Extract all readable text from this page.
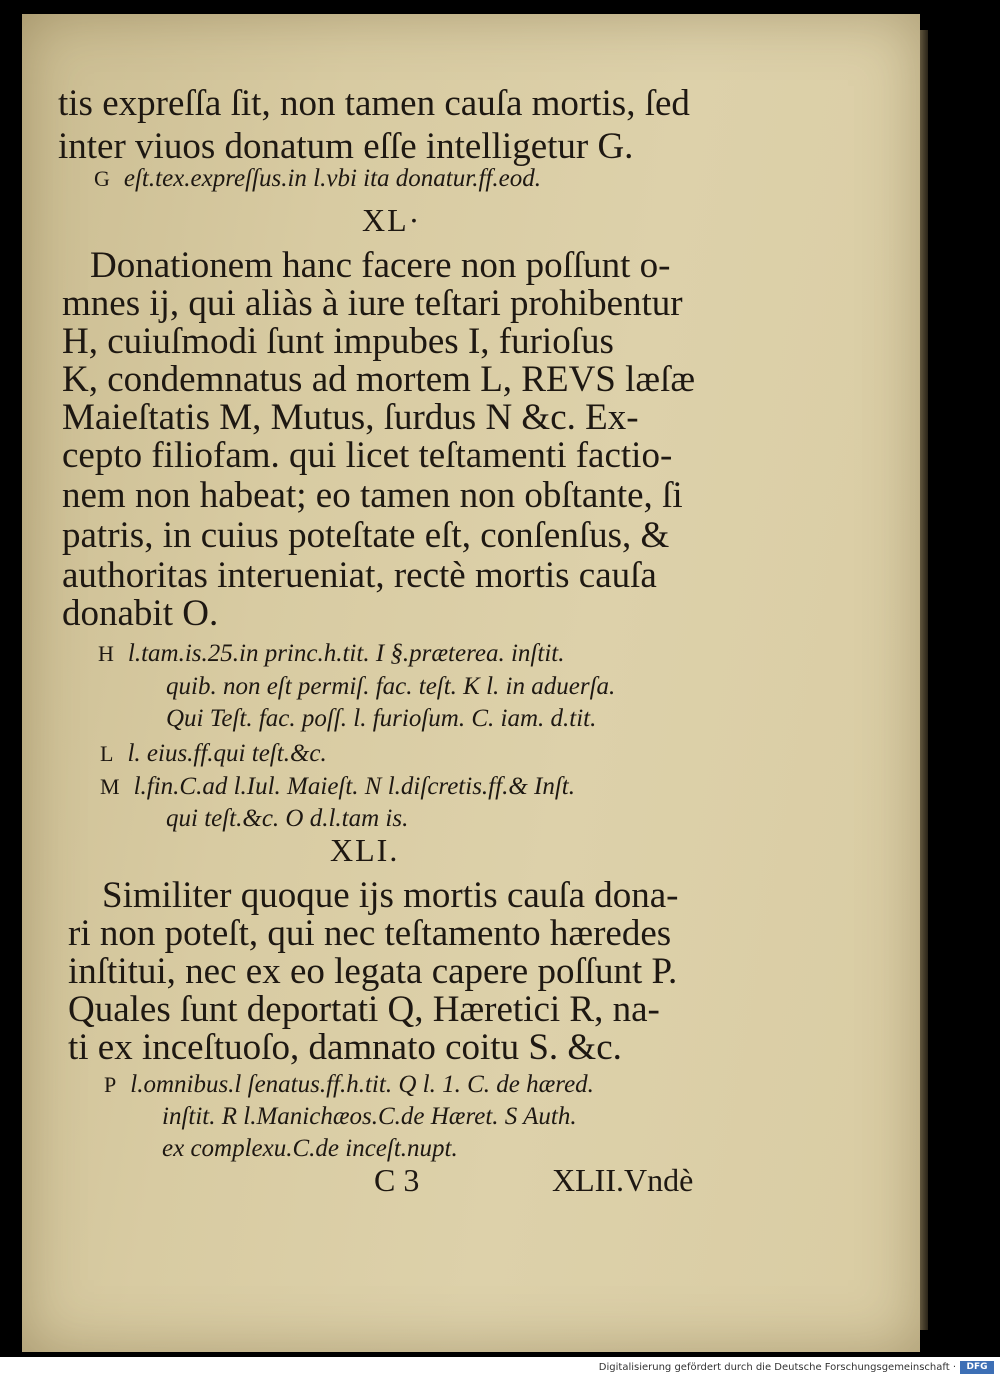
tis expreſſa ſit, non tamen cauſa mortis, ſed
inter viuos donatum eſſe intelligetur G.
G eſt.tex.expreſſus.in l.vbi ita donatur.ff.eod.
XL·
Donationem hanc facere non poſſunt o-
mnes ij, qui aliàs à iure teſtari prohibentur
H, cuiuſmodi ſunt impubes I, furioſus
K, condemnatus ad mortem L, REVS læſæ
Maieſtatis M, Mutus, ſurdus N &c. Ex-
cepto filiofam. qui licet teſtamenti factio-
nem non habeat; eo tamen non obſtante, ſi
patris, in cuius poteſtate eſt, conſenſus, &
authoritas interueniat, rectè mortis cauſa
donabit O.
H l.tam.is.25.in princ.h.tit. I §.præterea. inſtit.
quib. non eſt permiſ. fac. teſt. K l. in aduerſa.
Qui Teſt. fac. poſſ. l. furioſum. C. iam. d.tit.
L l. eius.ff.qui teſt.&c.
M l.fin.C.ad l.Iul. Maieſt. N l.diſcretis.ff.& Inſt.
qui teſt.&c. O d.l.tam is.
XLI.
Similiter quoque ijs mortis cauſa dona-
ri non poteſt, qui nec teſtamento hæredes
inſtitui, nec ex eo legata capere poſſunt P.
Quales ſunt deportati Q, Hæretici R, na-
ti ex inceſtuoſo, damnato coitu S. &c.
P l.omnibus.l ſenatus.ff.h.tit. Q l. 1. C. de hæred.
inſtit. R l.Manichæos.C.de Hæret. S Auth.
ex complexu.C.de inceſt.nupt.
C 3	XLII.Vndè
Digitalisierung gefördert durch die Deutsche Forschungsgemeinschaft ·	DFG
